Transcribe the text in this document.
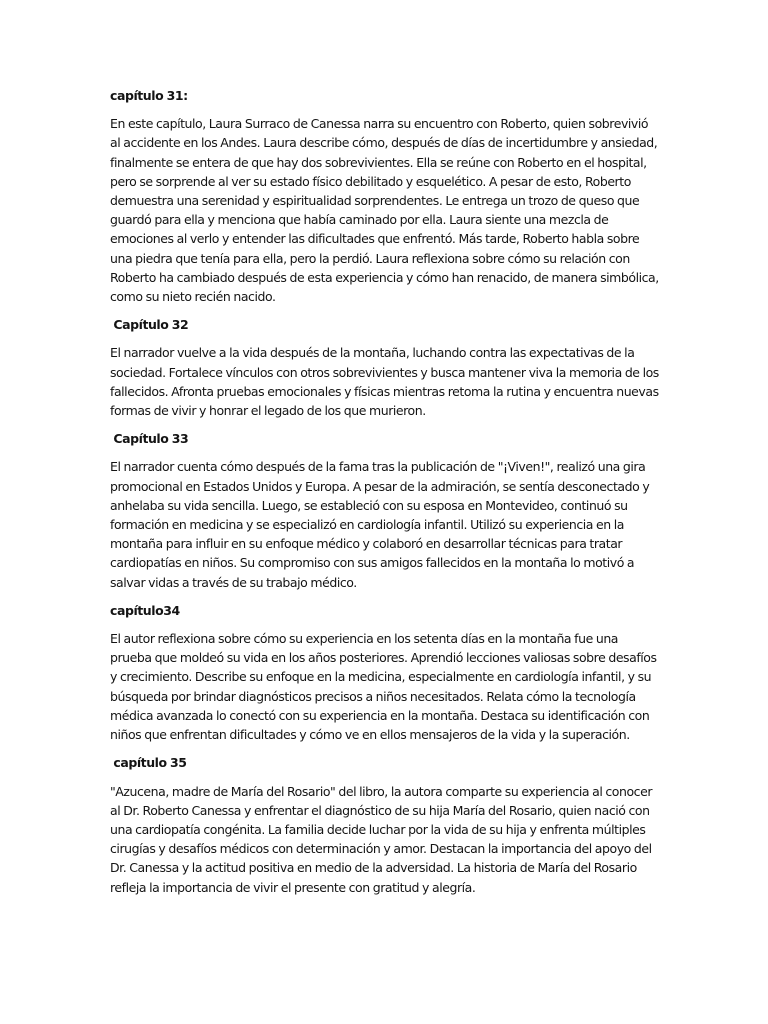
capítulo 31:

En este capítulo, Laura Surraco de Canessa narra su encuentro con Roberto, quien sobrevivió al accidente en los Andes. Laura describe cómo, después de días de incertidumbre y ansiedad, finalmente se entera de que hay dos sobrevivientes. Ella se reúne con Roberto en el hospital, pero se sorprende al ver su estado físico debilitado y esquelético. A pesar de esto, Roberto demuestra una serenidad y espiritualidad sorprendentes. Le entrega un trozo de queso que guardó para ella y menciona que había caminado por ella. Laura siente una mezcla de emociones al verlo y entender las dificultades que enfrentó. Más tarde, Roberto habla sobre una piedra que tenía para ella, pero la perdió. Laura reflexiona sobre cómo su relación con Roberto ha cambiado después de esta experiencia y cómo han renacido, de manera simbólica, como su nieto recién nacido.

Capítulo 32

El narrador vuelve a la vida después de la montaña, luchando contra las expectativas de la sociedad. Fortalece vínculos con otros sobrevivientes y busca mantener viva la memoria de los fallecidos. Afronta pruebas emocionales y físicas mientras retoma la rutina y encuentra nuevas formas de vivir y honrar el legado de los que murieron.

Capítulo 33

El narrador cuenta cómo después de la fama tras la publicación de "¡Viven!", realizó una gira promocional en Estados Unidos y Europa. A pesar de la admiración, se sentía desconectado y anhelaba su vida sencilla. Luego, se estableció con su esposa en Montevideo, continuó su formación en medicina y se especializó en cardiología infantil. Utilizó su experiencia en la montaña para influir en su enfoque médico y colaboró en desarrollar técnicas para tratar cardiopatías en niños. Su compromiso con sus amigos fallecidos en la montaña lo motivó a salvar vidas a través de su trabajo médico.

capítulo34

El autor reflexiona sobre cómo su experiencia en los setenta días en la montaña fue una prueba que moldeó su vida en los años posteriores. Aprendió lecciones valiosas sobre desafíos y crecimiento. Describe su enfoque en la medicina, especialmente en cardiología infantil, y su búsqueda por brindar diagnósticos precisos a niños necesitados. Relata cómo la tecnología médica avanzada lo conectó con su experiencia en la montaña. Destaca su identificación con niños que enfrentan dificultades y cómo ve en ellos mensajeros de la vida y la superación.

capítulo 35

"Azucena, madre de María del Rosario" del libro, la autora comparte su experiencia al conocer al Dr. Roberto Canessa y enfrentar el diagnóstico de su hija María del Rosario, quien nació con una cardiopatía congénita. La familia decide luchar por la vida de su hija y enfrenta múltiples cirugías y desafíos médicos con determinación y amor. Destacan la importancia del apoyo del Dr. Canessa y la actitud positiva en medio de la adversidad. La historia de María del Rosario refleja la importancia de vivir el presente con gratitud y alegría.
